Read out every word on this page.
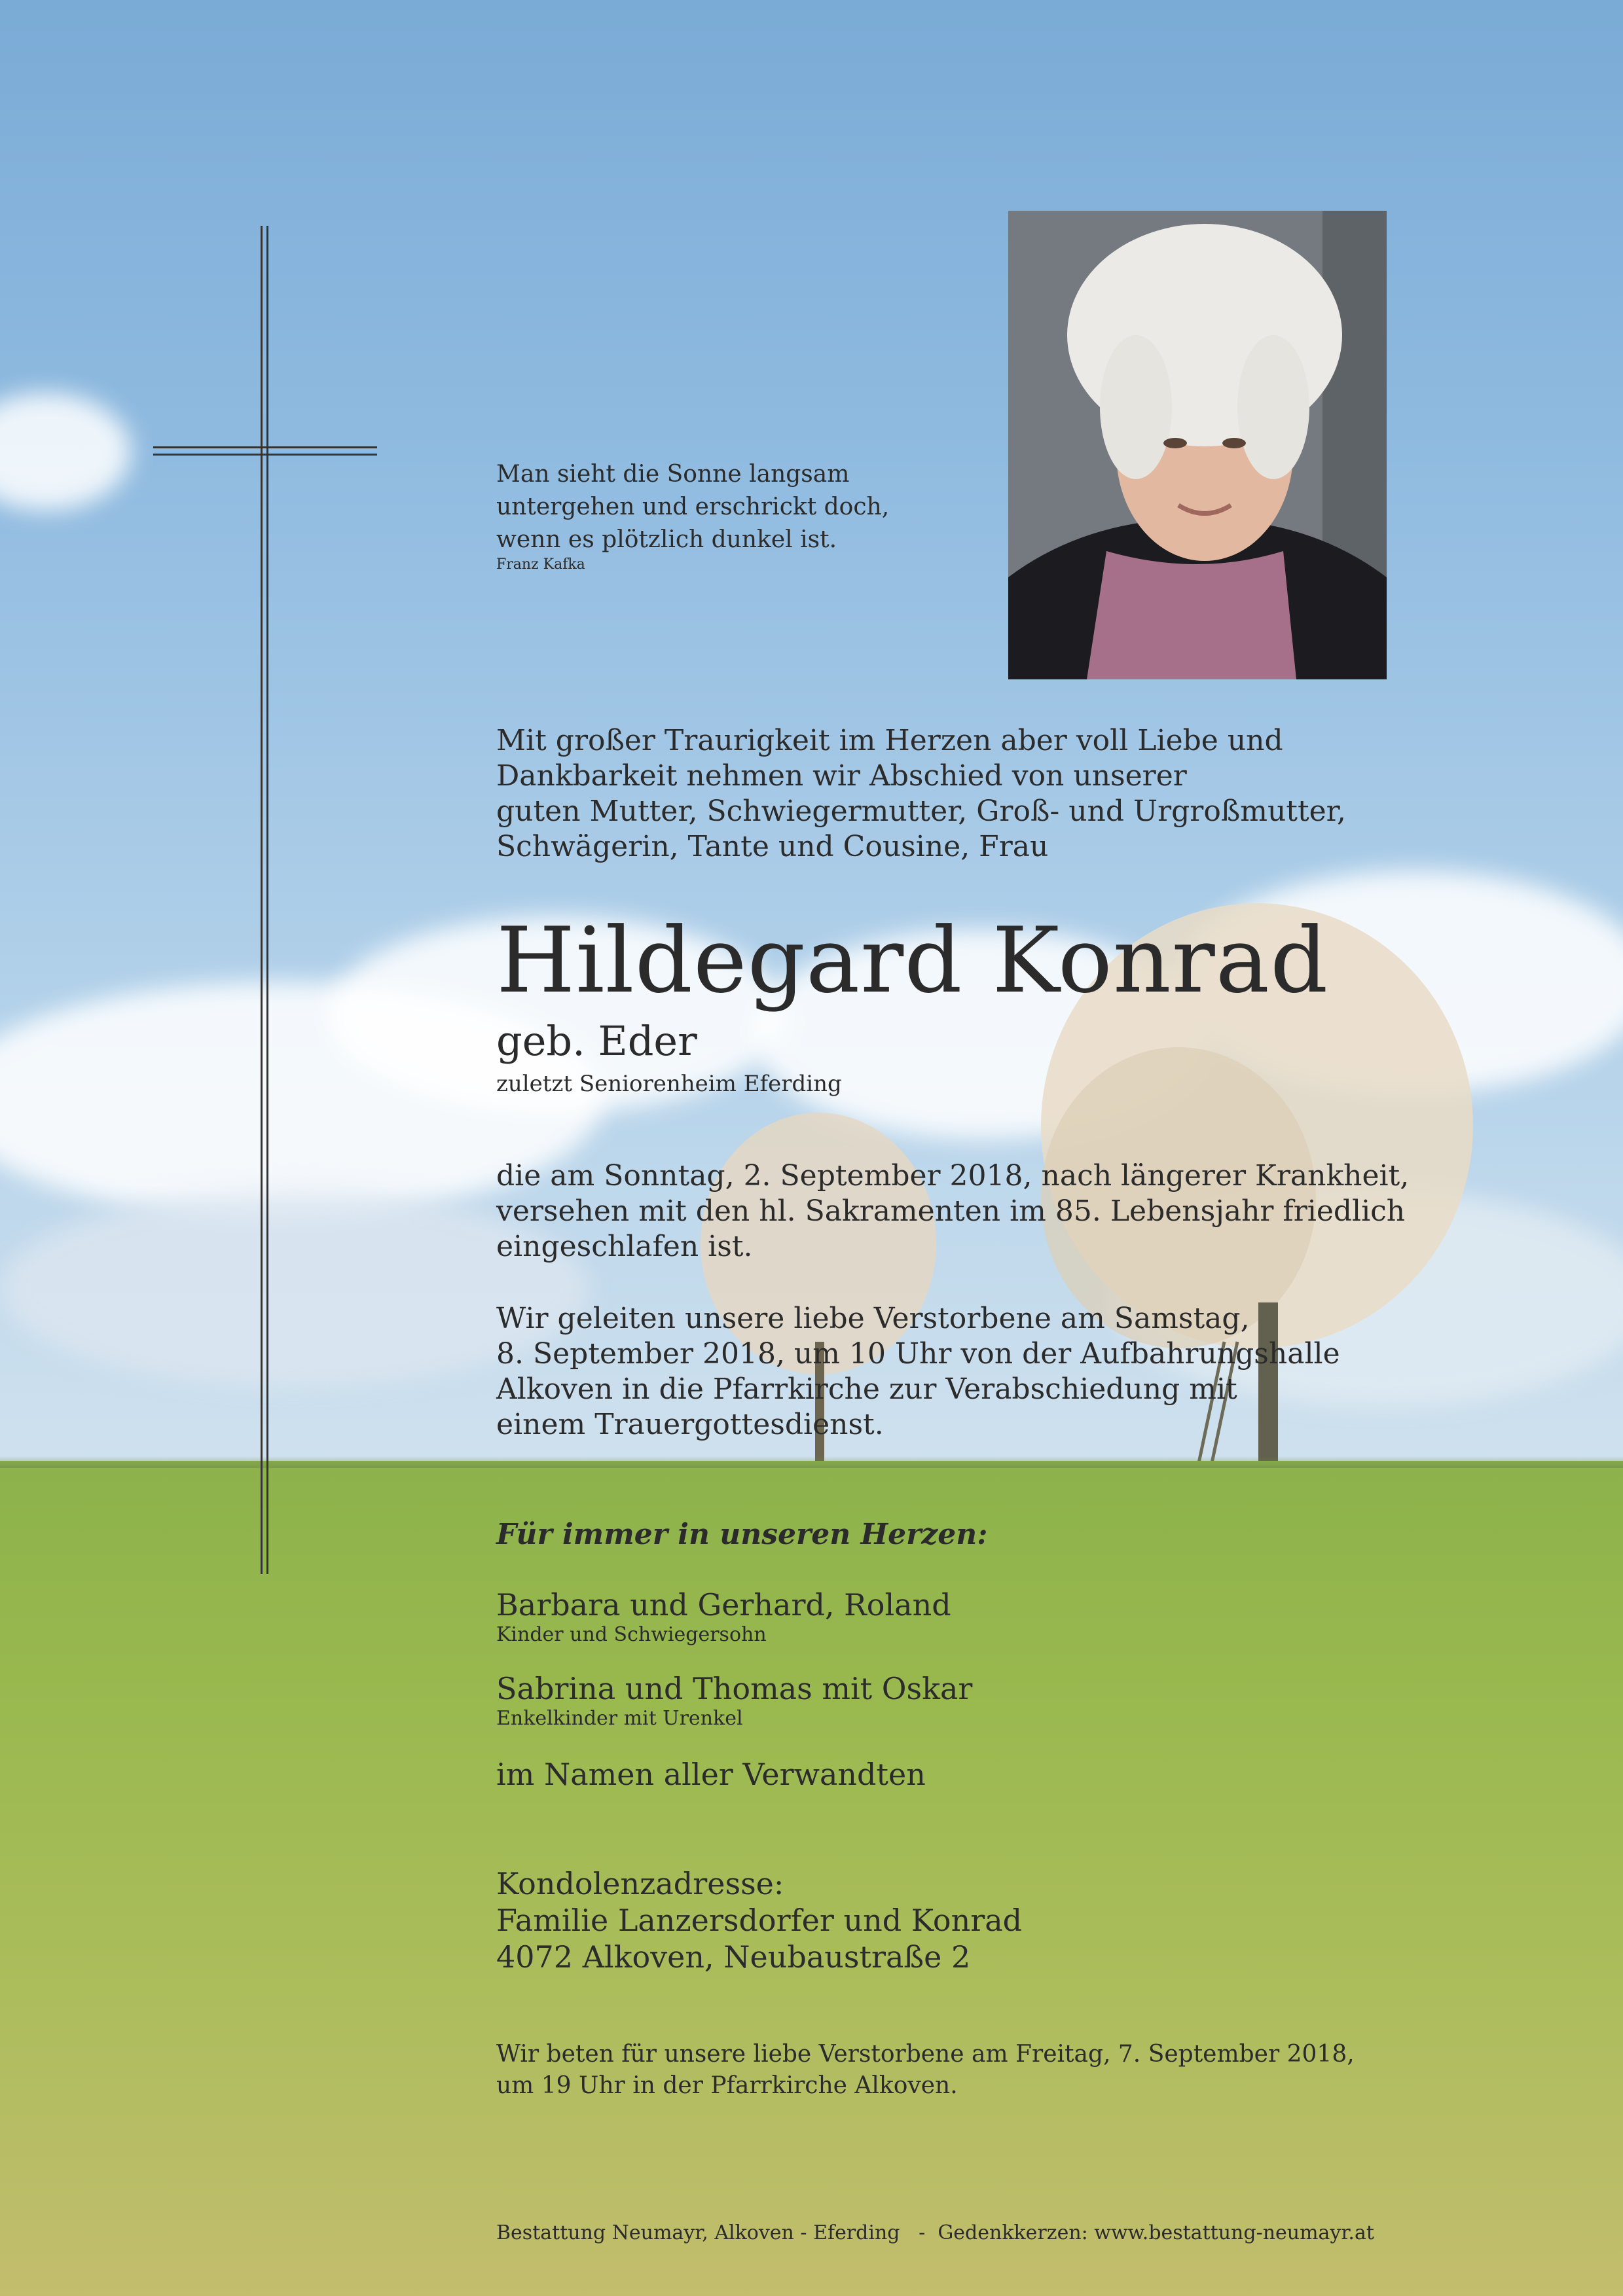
Man sieht die Sonne langsam

untergehen und erschrickt doch,

wenn es plötzlich dunkel ist.

Franz Kafka

Mit großer Traurigkeit im Herzen aber voll Liebe und

Dankbarkeit nehmen wir Abschied von unserer

guten Mutter, Schwiegermutter, Groß- und Urgroßmutter,

Schwägerin, Tante und Cousine, Frau

Hildegard Konrad
geb. Eder
zuletzt Seniorenheim Eferding

die am Sonntag, 2. September 2018, nach längerer Krankheit,

versehen mit den hl. Sakramenten im 85. Lebensjahr friedlich

eingeschlafen ist.

Wir geleiten unsere liebe Verstorbene am Samstag,

8. September 2018, um 10 Uhr von der Aufbahrungshalle

Alkoven in die Pfarrkirche zur Verabschiedung mit

einem Trauergottesdienst.

Für immer in unseren Herzen:
Barbara und Gerhard, Roland
Kinder und Schwiegersohn
Sabrina und Thomas mit Oskar
Enkelkinder mit Urenkel
im Namen aller Verwandten

Kondolenzadresse:

Familie Lanzersdorfer und Konrad

4072 Alkoven, Neubaustraße 2

Wir beten für unsere liebe Verstorbene am Freitag, 7. September 2018,

um 19 Uhr in der Pfarrkirche Alkoven.

Bestattung Neumayr, Alkoven - Eferding   -  Gedenkkerzen: www.bestattung-neumayr.at
